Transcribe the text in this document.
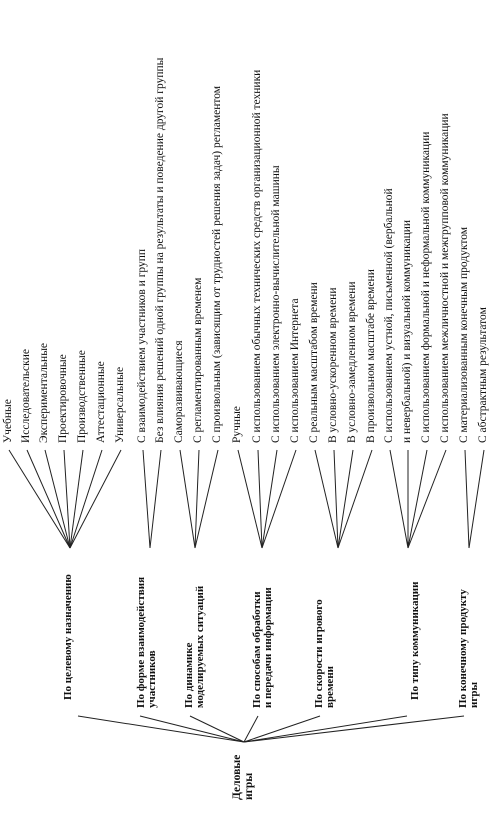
Деловые игры
По целевому назначению
Учебные Исследовательские Экспериментальные Проектировочные Производственные Аттестационные Универсальные
По форме взаимодействия участников
С взаимодействием участников и групп Без влияния решений одной группы на результаты и поведение другой группы
По динамике моделируемых ситуаций
Саморазвивающиеся С регламентированным временем С произвольным (зависящим от трудностей решения задач) регламентом
По способам обработки и передачи информации
Ручные С использованием обычных технических средств организационной техники С использованием электронно-вычислительной машины С использованием Интернета
По скорости игрового времени
С реальным масштабом времени В условно-ускоренном времени В условно-замедленном времени В произвольном масштабе времени
По типу коммуникации
С использованием устной, письменной (вербальной и невербальной) и визуальной коммуникации С использованием формальной и неформальной коммуникации С использованием межличностной и межгрупповой коммуникации
По конечному продукту игры
С материализованным конечным продуктом С абстрактным результатом
